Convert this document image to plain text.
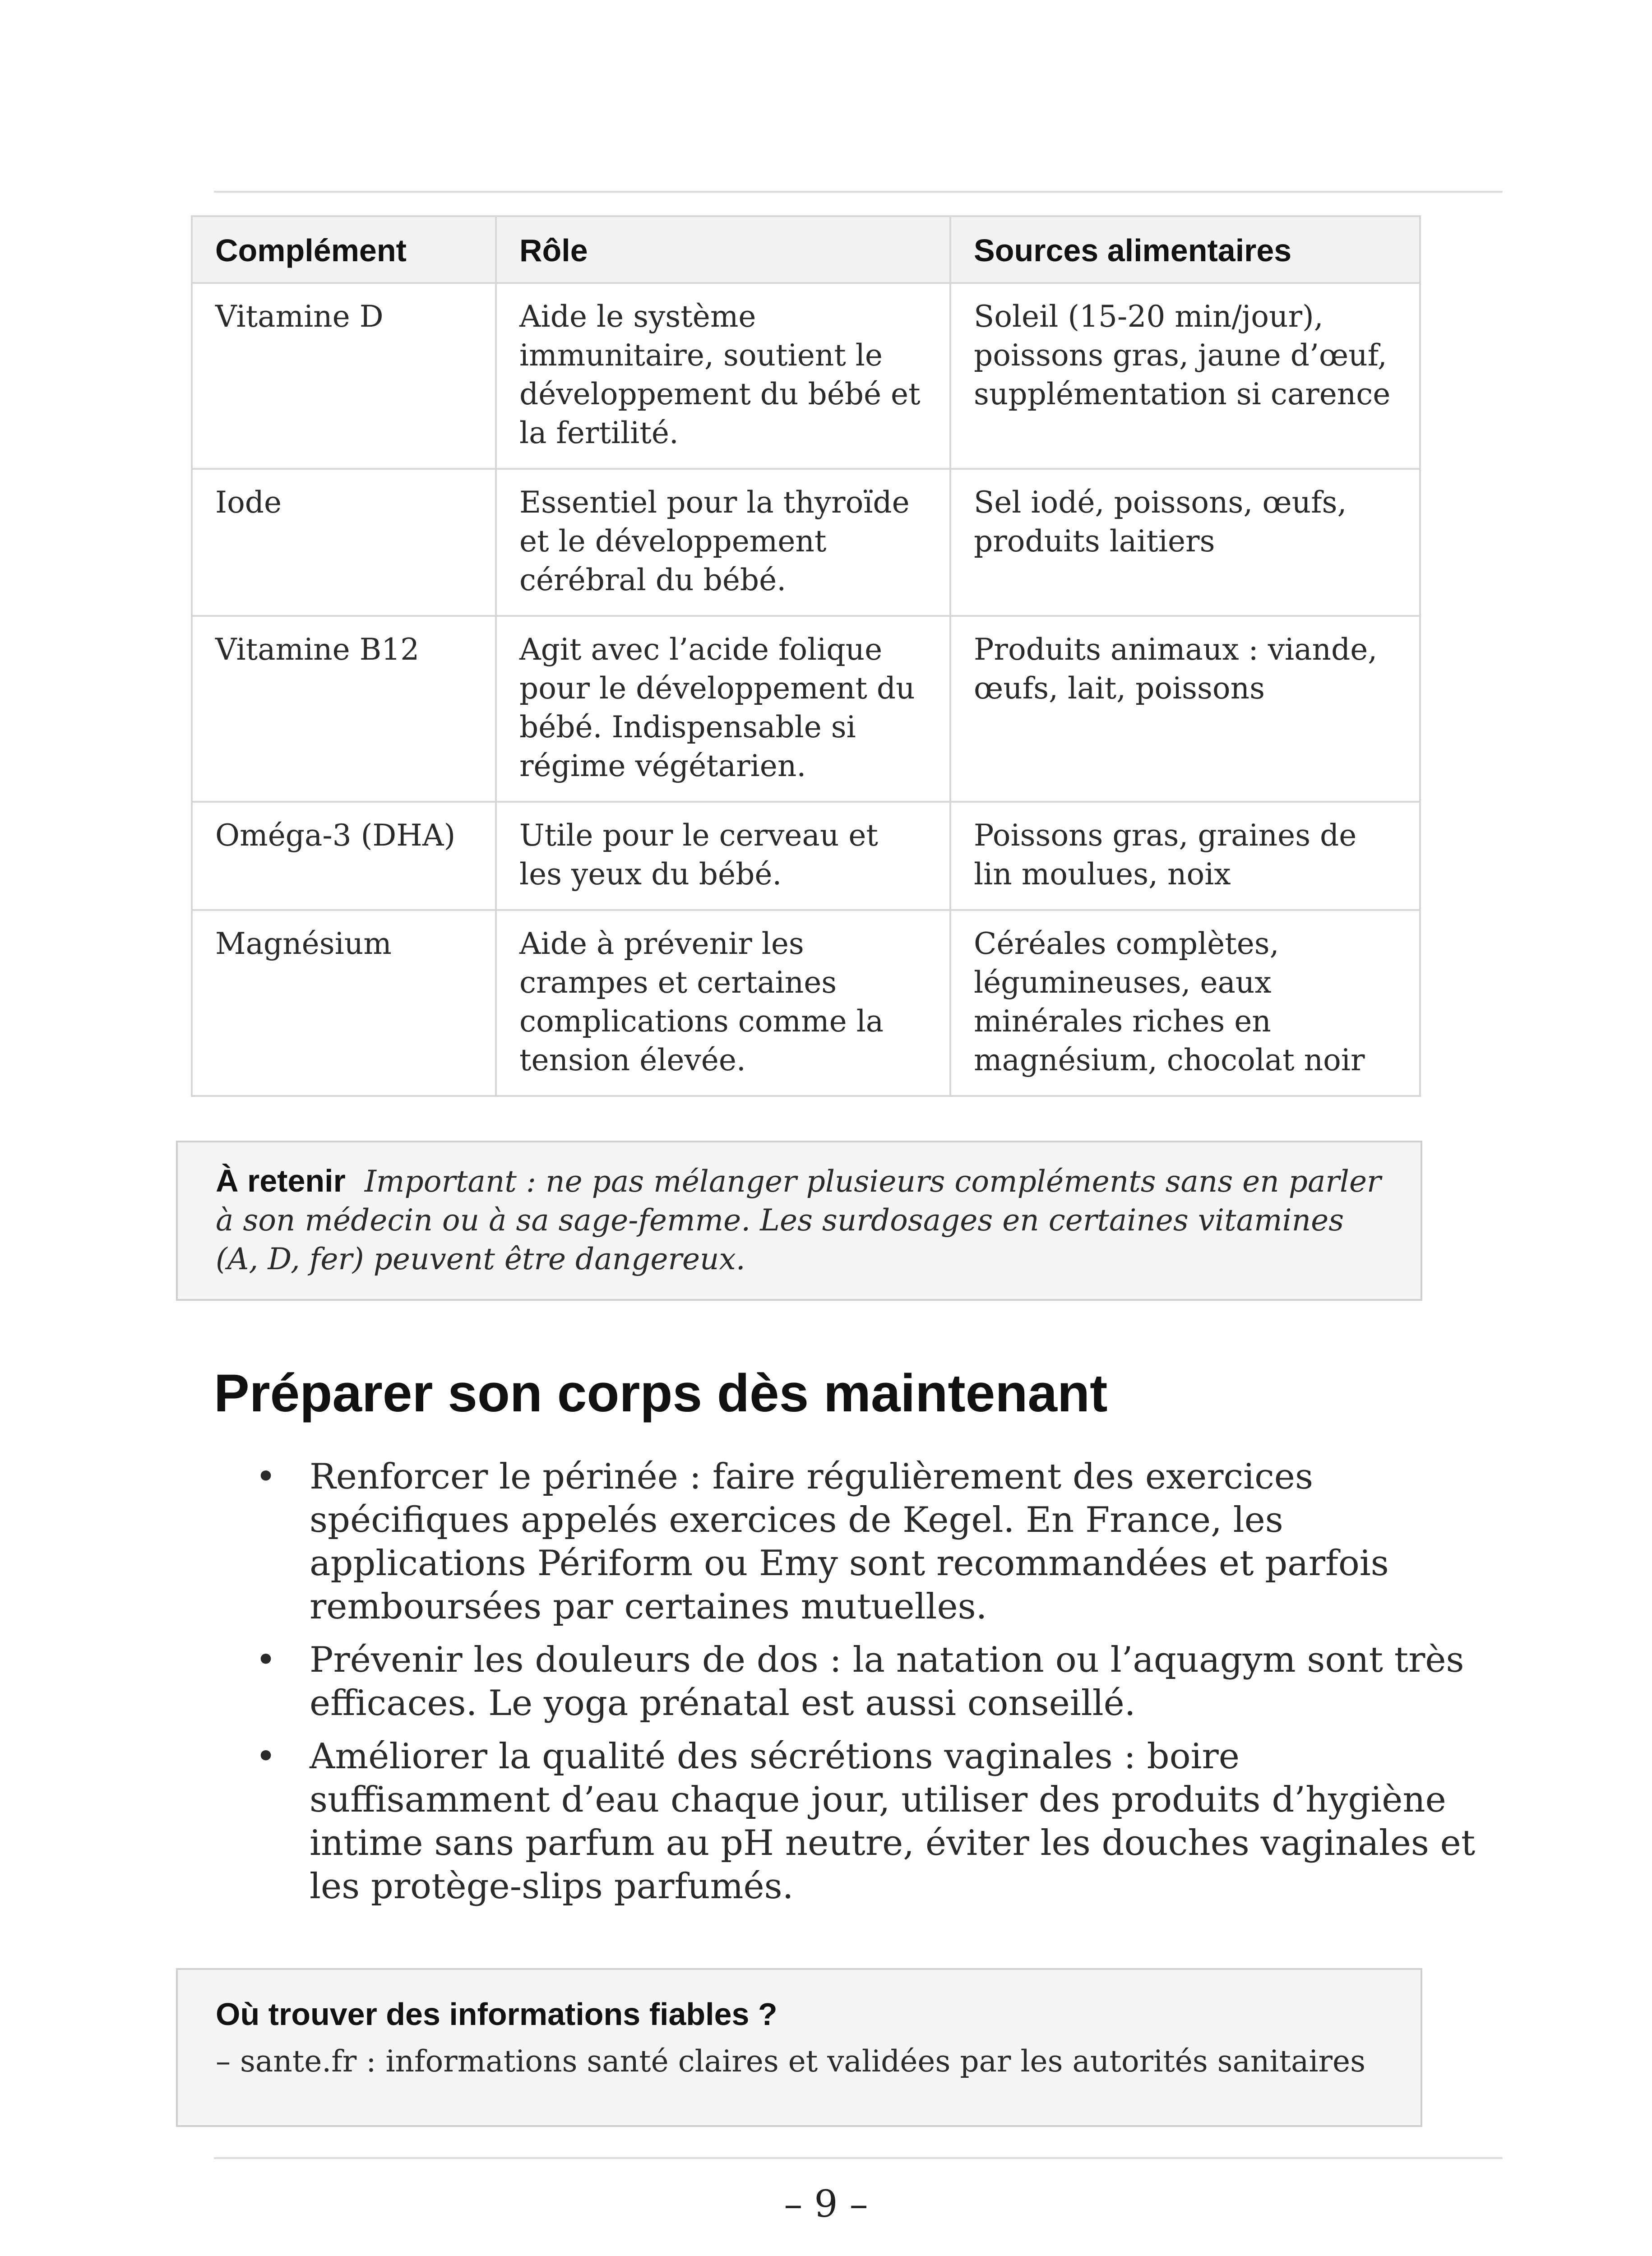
Complément	Rôle	Sources alimentaires
Vitamine D	Aide le système immunitaire, soutient le développement du bébé et la fertilité.	Soleil (15-20 min/jour), poissons gras, jaune d’œuf, supplémentation si carence
Iode	Essentiel pour la thyroïde et le développement cérébral du bébé.	Sel iodé, poissons, œufs, produits laitiers
Vitamine B12	Agit avec l’acide folique pour le développement du bébé. Indispensable si régime végétarien.	Produits animaux : viande, œufs, lait, poissons
Oméga-3 (DHA)	Utile pour le cerveau et les yeux du bébé.	Poissons gras, graines de lin moulues, noix
Magnésium	Aide à prévenir les crampes et certaines complications comme la tension élevée.	Céréales complètes, légumineuses, eaux minérales riches en magnésium, chocolat noir

À retenir Important : ne pas mélanger plusieurs compléments sans en parler à son médecin ou à sa sage-femme. Les surdosages en certaines vitamines (A, D, fer) peuvent être dangereux.

Préparer son corps dès maintenant
• Renforcer le périnée : faire régulièrement des exercices spécifiques appelés exercices de Kegel. En France, les applications Périform ou Emy sont recommandées et parfois remboursées par certaines mutuelles.
• Prévenir les douleurs de dos : la natation ou l’aquagym sont très efficaces. Le yoga prénatal est aussi conseillé.
• Améliorer la qualité des sécrétions vaginales : boire suffisamment d’eau chaque jour, utiliser des produits d’hygiène intime sans parfum au pH neutre, éviter les douches vaginales et les protège-slips parfumés.
Où trouver des informations fiables ?
– sante.fr : informations santé claires et validées par les autorités sanitaires
– 9 –
